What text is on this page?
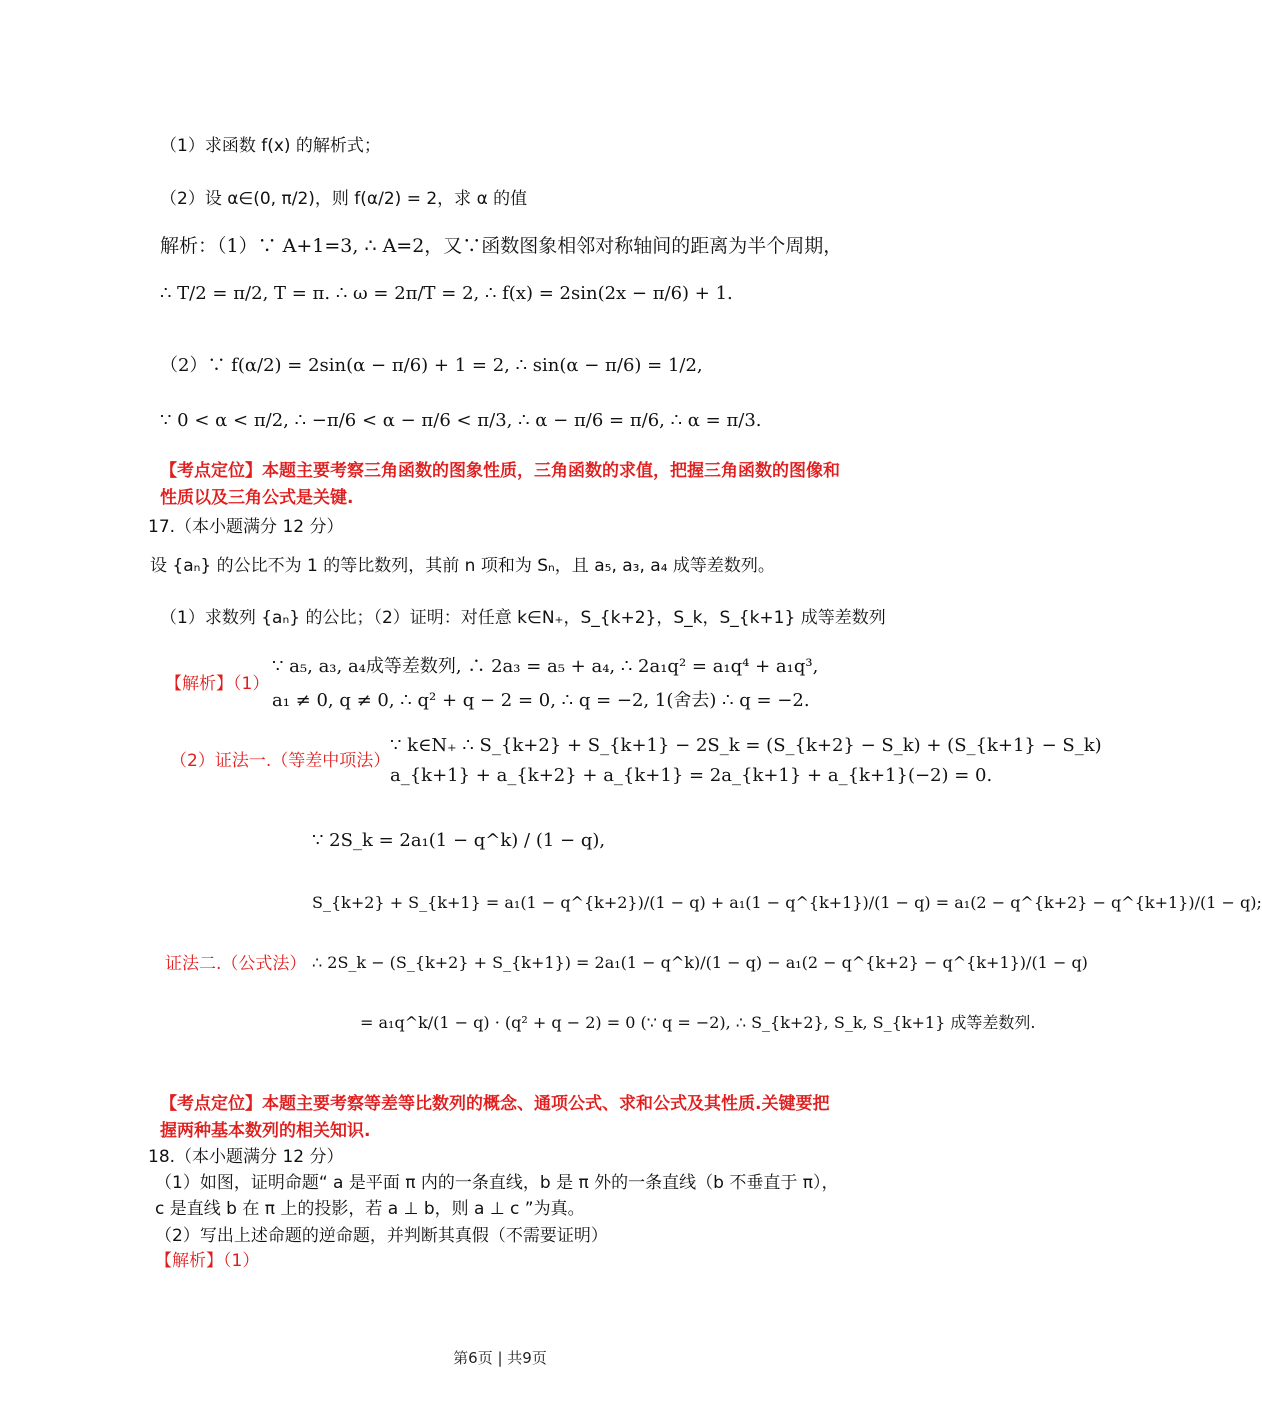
（1）求函数 f(x) 的解析式；
（2）设 α∈(0, π/2)，则 f(α/2) = 2，求 α 的值
解析：（1）∵ A+1=3, ∴ A=2，又∵函数图象相邻对称轴间的距离为半个周期，
∴ T/2 = π/2, T = π. ∴ ω = 2π/T = 2, ∴ f(x) = 2sin(2x − π/6) + 1.
（2）∵ f(α/2) = 2sin(α − π/6) + 1 = 2, ∴ sin(α − π/6) = 1/2,
∵ 0 < α < π/2, ∴ −π/6 < α − π/6 < π/3, ∴ α − π/6 = π/6, ∴ α = π/3.
【考点定位】本题主要考察三角函数的图象性质，三角函数的求值，把握三角函数的图像和
性质以及三角公式是关键.
17.（本小题满分 12 分）
设 {aₙ} 的公比不为 1 的等比数列，其前 n 项和为 Sₙ，且 a₅, a₃, a₄ 成等差数列。
（1）求数列 {aₙ} 的公比；（2）证明：对任意 k∈N₊，S_{k+2}，S_k，S_{k+1} 成等差数列
【解析】（1）
∵ a₅, a₃, a₄成等差数列, ∴ 2a₃ = a₅ + a₄, ∴ 2a₁q² = a₁q⁴ + a₁q³,
a₁ ≠ 0, q ≠ 0, ∴ q² + q − 2 = 0, ∴ q = −2, 1(舍去) ∴ q = −2.
（2）证法一.（等差中项法）
∵ k∈N₊ ∴ S_{k+2} + S_{k+1} − 2S_k = (S_{k+2} − S_k) + (S_{k+1} − S_k)
a_{k+1} + a_{k+2} + a_{k+1} = 2a_{k+1} + a_{k+1}(−2) = 0.
∵ 2S_k = 2a₁(1 − q^k) / (1 − q),
S_{k+2} + S_{k+1} = a₁(1 − q^{k+2})/(1 − q) + a₁(1 − q^{k+1})/(1 − q) = a₁(2 − q^{k+2} − q^{k+1})/(1 − q);
证法二.（公式法） ∴ 2S_k − (S_{k+2} + S_{k+1}) = 2a₁(1 − q^k)/(1 − q) − a₁(2 − q^{k+2} − q^{k+1})/(1 − q)
= a₁q^k/(1 − q) · (q² + q − 2) = 0 (∵ q = −2), ∴ S_{k+2}, S_k, S_{k+1} 成等差数列.
【考点定位】本题主要考察等差等比数列的概念、通项公式、求和公式及其性质.关键要把
握两种基本数列的相关知识.
18.（本小题满分 12 分）
（1）如图，证明命题“ a 是平面 π 内的一条直线，b 是 π 外的一条直线（b 不垂直于 π），
c 是直线 b 在 π 上的投影，若 a ⊥ b，则 a ⊥ c ”为真。
（2）写出上述命题的逆命题，并判断其真假（不需要证明）
【解析】（1）
第6页 | 共9页
